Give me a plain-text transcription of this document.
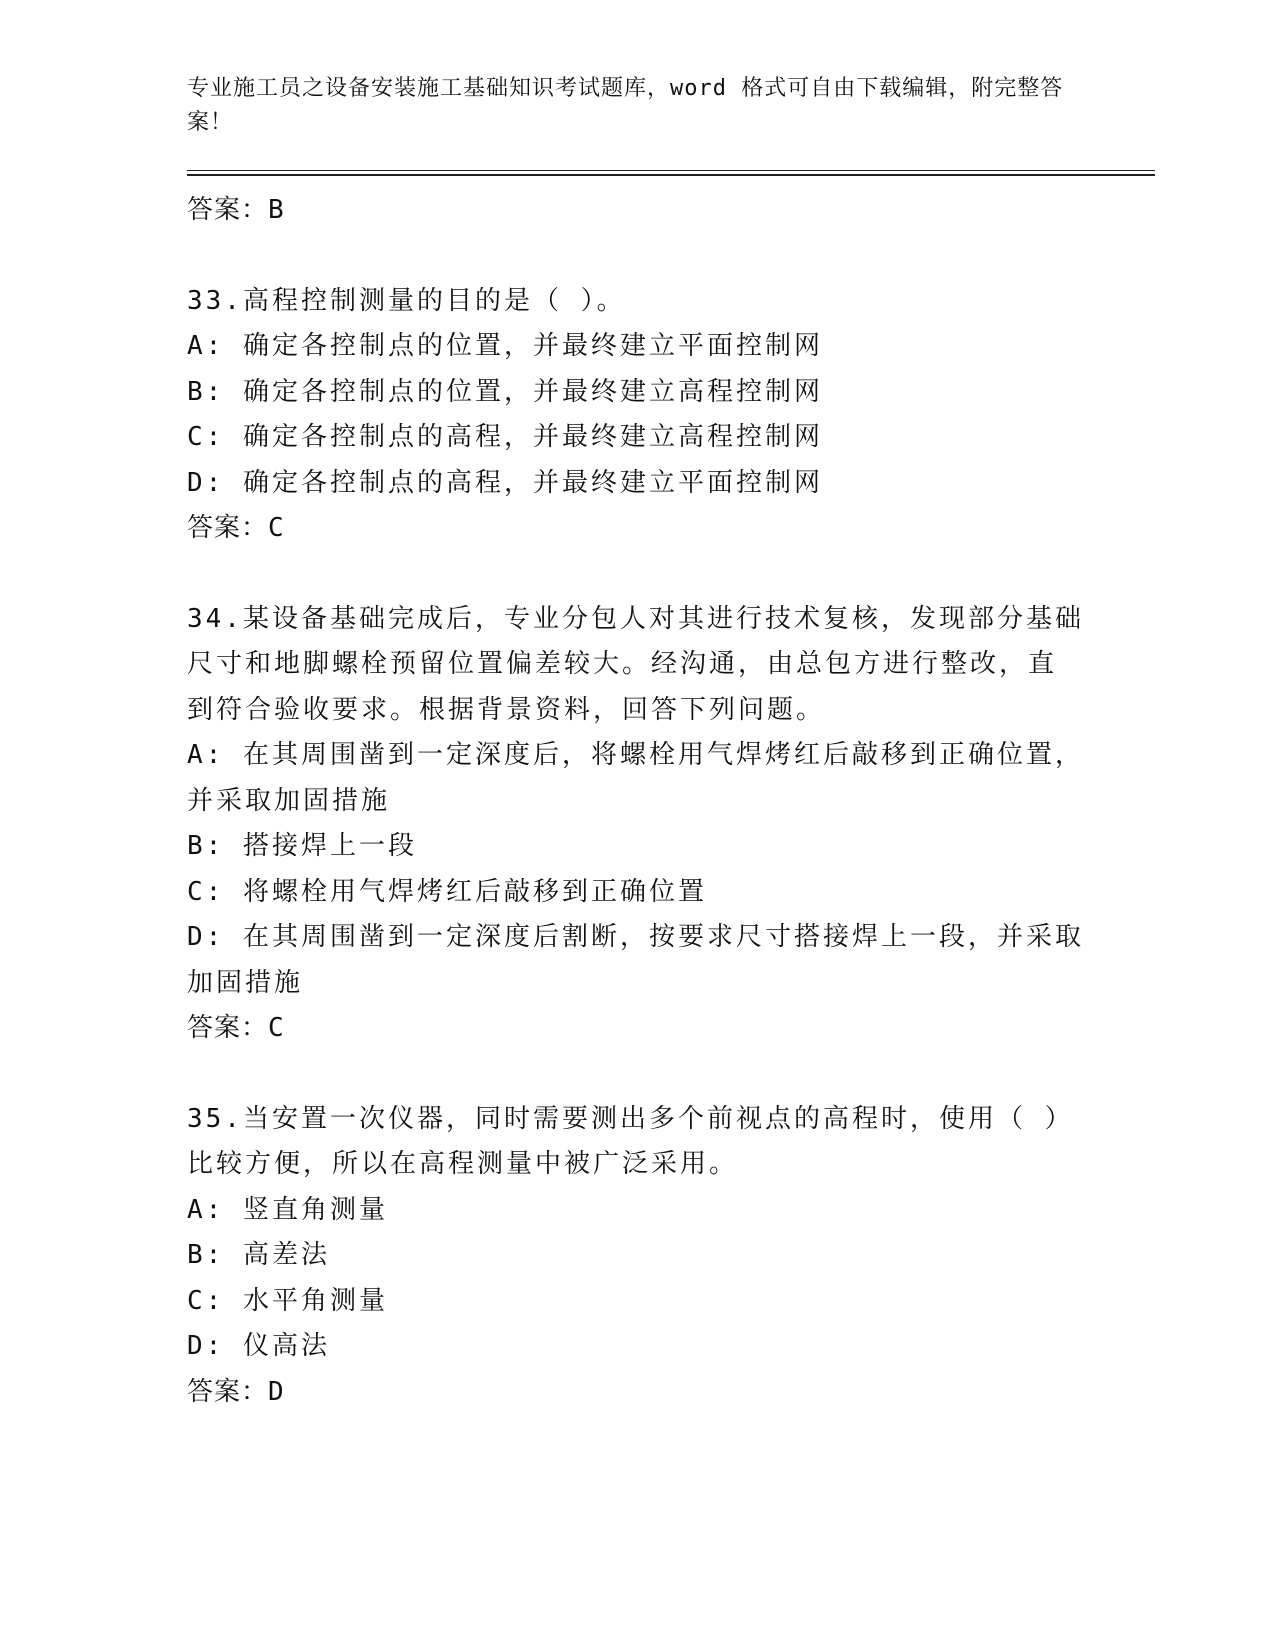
专业施工员之设备安装施工基础知识考试题库，word 格式可自由下载编辑，附完整答案！
答案：B
33.高程控制测量的目的是（ ）。
A: 确定各控制点的位置，并最终建立平面控制网
B: 确定各控制点的位置，并最终建立高程控制网
C: 确定各控制点的高程，并最终建立高程控制网
D: 确定各控制点的高程，并最终建立平面控制网
答案：C
34.某设备基础完成后，专业分包人对其进行技术复核，发现部分基础
尺寸和地脚螺栓预留位置偏差较大。经沟通，由总包方进行整改，直
到符合验收要求。根据背景资料，回答下列问题。
A: 在其周围凿到一定深度后，将螺栓用气焊烤红后敲移到正确位置，
并采取加固措施
B: 搭接焊上一段
C: 将螺栓用气焊烤红后敲移到正确位置
D: 在其周围凿到一定深度后割断，按要求尺寸搭接焊上一段，并采取
加固措施
答案：C
35.当安置一次仪器，同时需要测出多个前视点的高程时，使用（ ）
比较方便，所以在高程测量中被广泛采用。
A: 竖直角测量
B: 高差法
C: 水平角测量
D: 仪高法
答案：D
